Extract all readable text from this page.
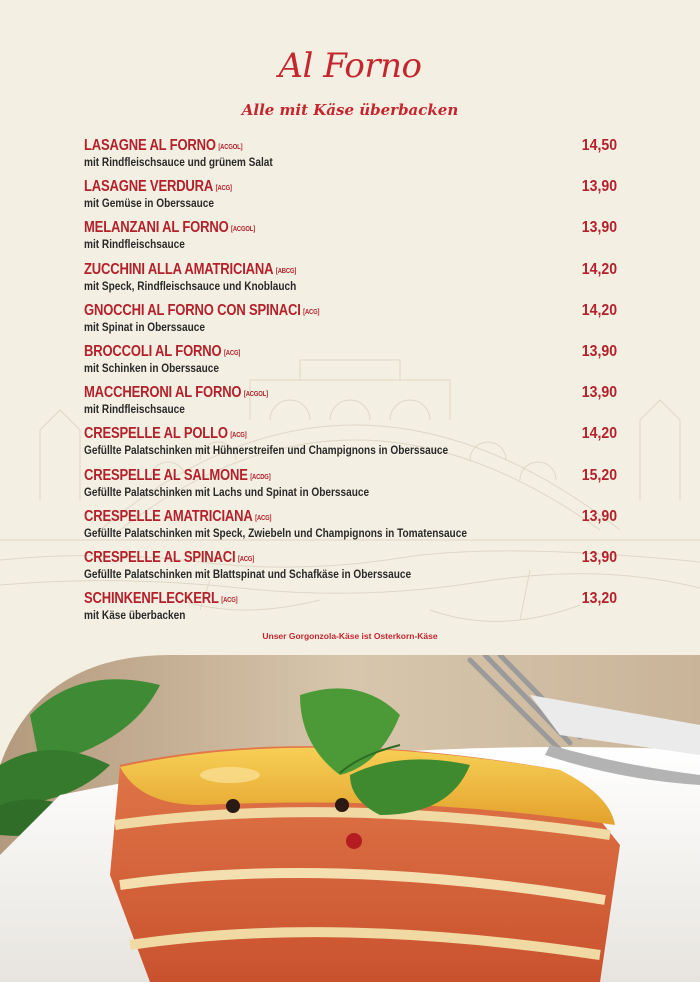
Al Forno
Alle mit Käse überbacken
LASAGNE AL FORNO [ACGOL]
mit Rindfleischsauce und grünem Salat
14,50
LASAGNE VERDURA [ACG]
mit Gemüse in Oberssauce
13,90
MELANZANI AL FORNO [ACGOL]
mit Rindfleischsauce
13,90
ZUCCHINI ALLA AMATRICIANA [ABCG]
mit Speck, Rindfleischsauce und Knoblauch
14,20
GNOCCHI AL FORNO CON SPINACI [ACG]
mit Spinat in Oberssauce
14,20
BROCCOLI AL FORNO [ACG]
mit Schinken in Oberssauce
13,90
MACCHERONI AL FORNO [ACGOL]
mit Rindfleischsauce
13,90
CRESPELLE AL POLLO [ACG]
Gefüllte Palatschinken mit Hühnerstreifen und Champignons in Oberssauce
14,20
CRESPELLE AL SALMONE [ACDG]
Gefüllte Palatschinken mit Lachs und Spinat in Oberssauce
15,20
CRESPELLE AMATRICIANA [ACG]
Gefüllte Palatschinken mit Speck, Zwiebeln und Champignons in Tomatensauce
13,90
CRESPELLE AL SPINACI [ACG]
Gefüllte Palatschinken mit Blattspinat und Schafkäse in Oberssauce
13,90
SCHINKENFLECKERL [ACG]
mit Käse überbacken
13,20
Unser Gorgonzola-Käse ist Osterkorn-Käse
